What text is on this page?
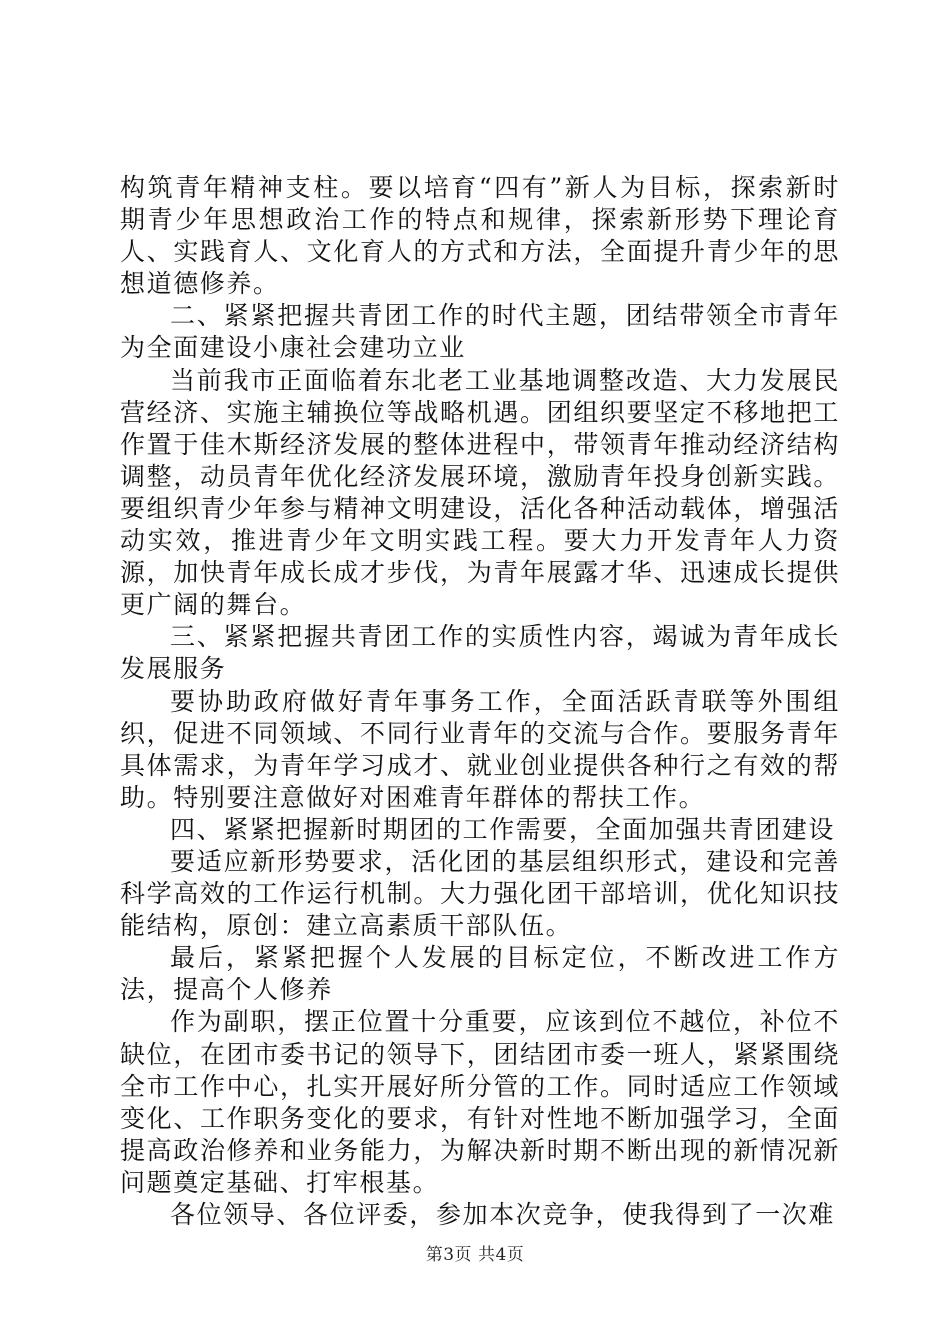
构筑青年精神支柱。要以培育“四有”新人为目标，探索新时期青少年思想政治工作的特点和规律，探索新形势下理论育人、实践育人、文化育人的方式和方法，全面提升青少年的思想道德修养。

二、紧紧把握共青团工作的时代主题，团结带领全市青年为全面建设小康社会建功立业

当前我市正面临着东北老工业基地调整改造、大力发展民营经济、实施主辅换位等战略机遇。团组织要坚定不移地把工作置于佳木斯经济发展的整体进程中，带领青年推动经济结构调整，动员青年优化经济发展环境，激励青年投身创新实践。要组织青少年参与精神文明建设，活化各种活动载体，增强活动实效，推进青少年文明实践工程。要大力开发青年人力资源，加快青年成长成才步伐，为青年展露才华、迅速成长提供更广阔的舞台。

三、紧紧把握共青团工作的实质性内容，竭诚为青年成长发展服务

要协助政府做好青年事务工作，全面活跃青联等外围组织，促进不同领域、不同行业青年的交流与合作。要服务青年具体需求，为青年学习成才、就业创业提供各种行之有效的帮助。特别要注意做好对困难青年群体的帮扶工作。

四、紧紧把握新时期团的工作需要，全面加强共青团建设

要适应新形势要求，活化团的基层组织形式，建设和完善科学高效的工作运行机制。大力强化团干部培训，优化知识技能结构，原创：建立高素质干部队伍。

最后，紧紧把握个人发展的目标定位，不断改进工作方法，提高个人修养

作为副职，摆正位置十分重要，应该到位不越位，补位不缺位，在团市委书记的领导下，团结团市委一班人，紧紧围绕全市工作中心，扎实开展好所分管的工作。同时适应工作领域变化、工作职务变化的要求，有针对性地不断加强学习，全面提高政治修养和业务能力，为解决新时期不断出现的新情况新问题奠定基础、打牢根基。

各位领导、各位评委，参加本次竞争，使我得到了一次难

第3页 共4页
